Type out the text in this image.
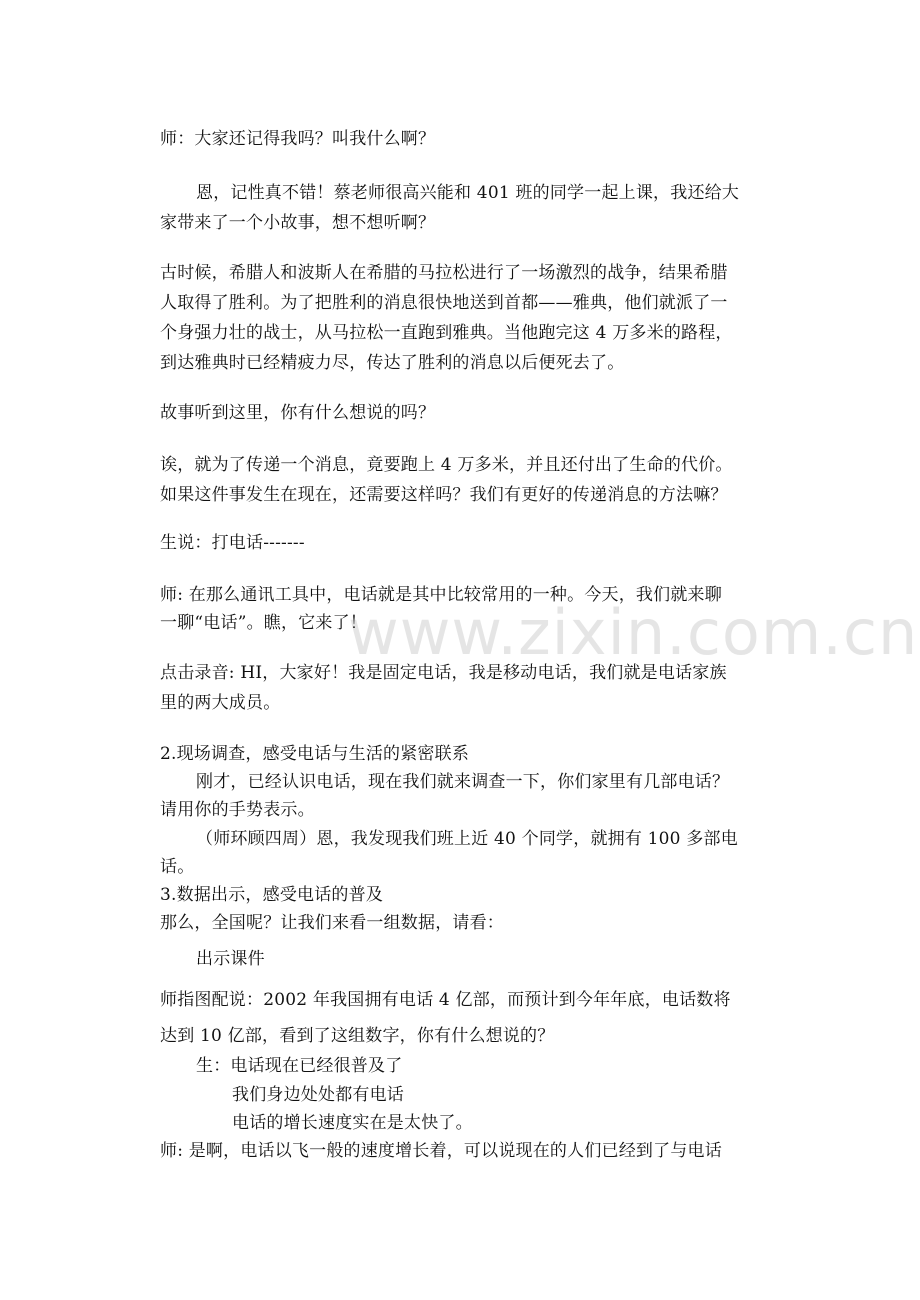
www.zixin.com.cn
师：大家还记得我吗？叫我什么啊？
恩，记性真不错！蔡老师很高兴能和 401 班的同学一起上课，我还给大
家带来了一个小故事，想不想听啊？
古时候，希腊人和波斯人在希腊的马拉松进行了一场激烈的战争，结果希腊
人取得了胜利。为了把胜利的消息很快地送到首都——雅典，他们就派了一
个身强力壮的战士，从马拉松一直跑到雅典。当他跑完这 4 万多米的路程，
到达雅典时已经精疲力尽，传达了胜利的消息以后便死去了。
故事听到这里，你有什么想说的吗？
诶，就为了传递一个消息，竟要跑上 4 万多米，并且还付出了生命的代价。
如果这件事发生在现在，还需要这样吗？我们有更好的传递消息的方法嘛？
生说：打电话-------
师: 在那么通讯工具中，电话就是其中比较常用的一种。今天，我们就来聊
一聊“电话”。瞧，它来了！
点击录音: HI，大家好！我是固定电话，我是移动电话，我们就是电话家族
里的两大成员。
2.现场调查，感受电话与生活的紧密联系
刚才，已经认识电话，现在我们就来调查一下，你们家里有几部电话？
请用你的手势表示。
（师环顾四周）恩，我发现我们班上近 40 个同学，就拥有 100 多部电
话。
3.数据出示，感受电话的普及
那么，全国呢？让我们来看一组数据，请看：
出示课件
师指图配说：2002 年我国拥有电话 4 亿部，而预计到今年年底，电话数将
达到 10 亿部，看到了这组数字，你有什么想说的？
生：电话现在已经很普及了
我们身边处处都有电话
电话的增长速度实在是太快了。
师: 是啊，电话以飞一般的速度增长着，可以说现在的人们已经到了与电话
